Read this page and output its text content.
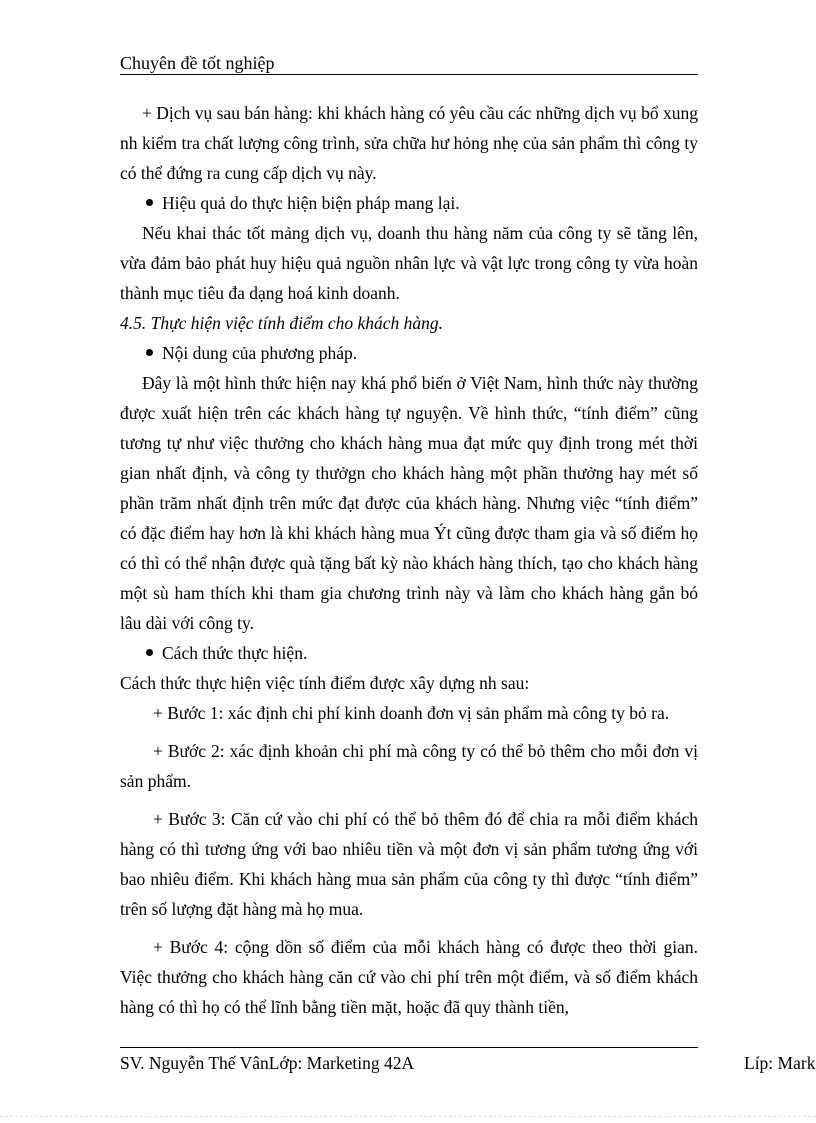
Chuyên đề tốt nghiệp

+ Dịch vụ sau bán hàng: khi khách hàng có yêu cầu các những dịch vụ bổ xung nh kiểm tra chất lượng công trình, sửa chữa hư hỏng nhẹ của sản phẩm thì công ty có thể đứng ra cung cấp dịch vụ này.

Hiệu quả do thực hiện biện pháp mang lại.

Nếu khai thác tốt mảng dịch vụ, doanh thu hàng năm của công ty sẽ tăng lên, vừa đảm bảo phát huy hiệu quả nguồn nhân lực và vật lực trong công ty vừa hoàn thành mục tiêu đa dạng hoá kinh doanh.

4.5. Thực hiện việc tính điểm cho khách hàng.

Nội dung của phương pháp.

Đây là một hình thức hiện nay khá phổ biến ở Việt Nam, hình thức này thường được xuất hiện trên các khách hàng tự nguyện. Về hình thức, “tính điểm” cũng tương tự như việc thưởng cho khách hàng mua đạt mức quy định trong mét thời gian nhất định, và công ty thưởgn cho khách hàng một phần thưởng hay mét số phần trăm nhất định trên mức đạt được của khách hàng. Nhưng việc “tính điểm” có đặc điểm hay hơn là khi khách hàng mua Ýt cũng được tham gia và số điểm họ có thì có thể nhận được quà tặng bất kỳ nào khách hàng thích, tạo cho khách hàng một sù ham thích khi tham gia chương trình này và làm cho khách hàng gắn bó lâu dài với công ty.

Cách thức thực hiện.

Cách thức thực hiện việc tính điểm được xây dựng nh sau:

+ Bước 1: xác định chi phí kinh doanh đơn vị sản phẩm mà công ty bỏ ra.

+ Bước 2: xác định khoản chi phí mà công ty có thể bỏ thêm cho mỗi đơn vị sản phẩm.

+ Bước 3: Căn cứ vào chi phí có thể bỏ thêm đó để chia ra mỗi điểm khách hàng có thì tương ứng với bao nhiêu tiền và một đơn vị sản phẩm tương ứng với bao nhiêu điểm. Khi khách hàng mua sản phẩm của công ty thì được “tính điểm” trên số lượng đặt hàng mà họ mua.

+ Bước 4: cộng dồn số điểm của mỗi khách hàng có được theo thời gian. Việc thưởng cho khách hàng căn cứ vào chi phí trên một điểm, và số điểm khách hàng có thì họ có thể lĩnh bằng tiền mặt, hoặc đã quy thành tiền,

SV. Nguyễn Thế VânLớp: Marketing 42A	Líp: Mark
